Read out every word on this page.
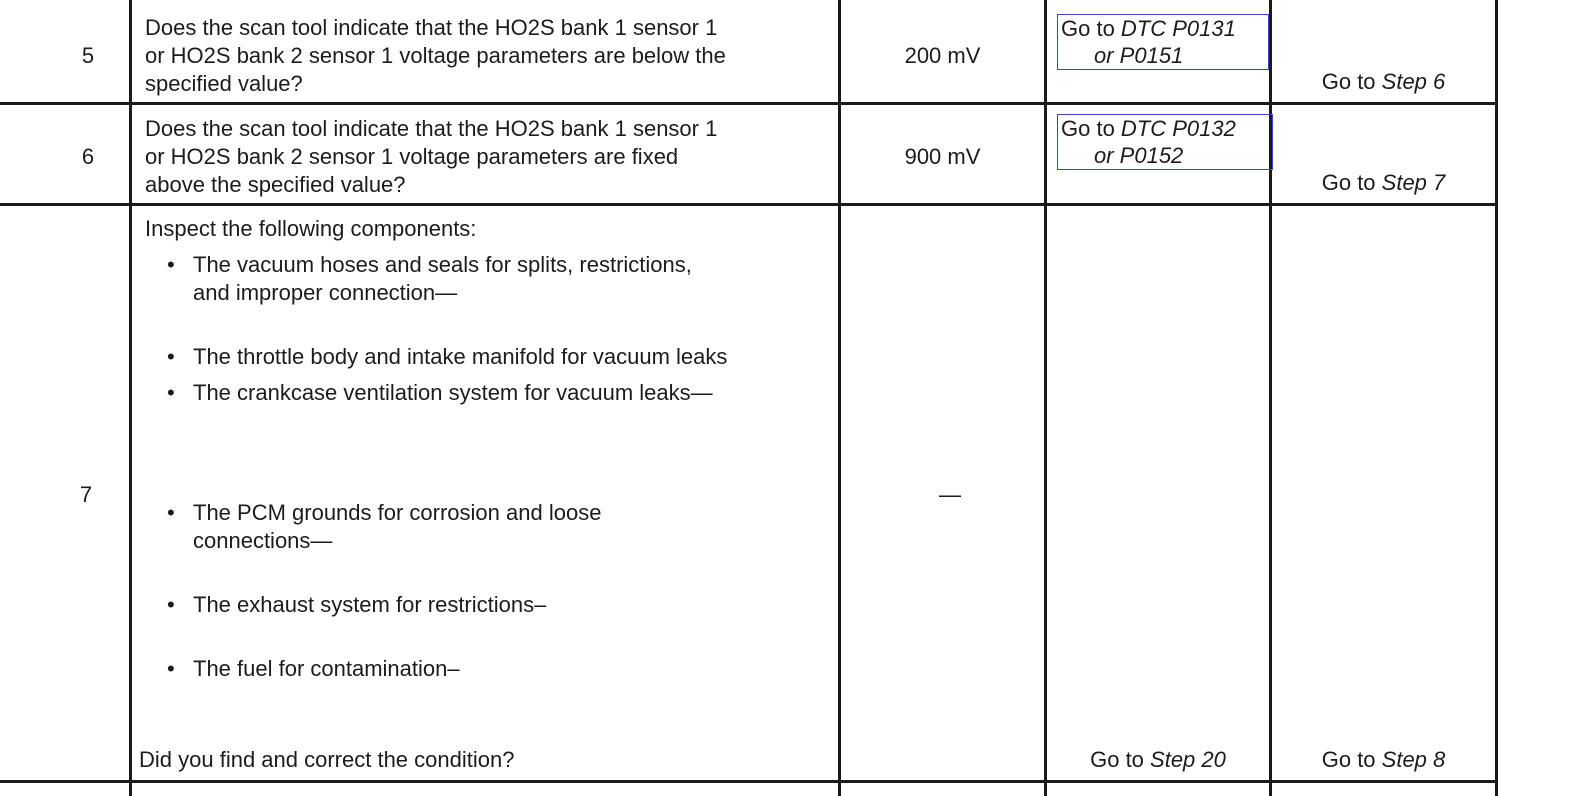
5
Does the scan tool indicate that the HO2S bank 1 sensor 1
or HO2S bank 2 sensor 1 voltage parameters are below the
specified value?
200 mV
Go to DTC P0131
or P0151
Go to Step 6
6
Does the scan tool indicate that the HO2S bank 1 sensor 1
or HO2S bank 2 sensor 1 voltage parameters are fixed
above the specified value?
900 mV
Go to DTC P0132
or P0152
Go to Step 7
7
Inspect the following components:
• The vacuum hoses and seals for splits, restrictions,
and improper connection—
• The throttle body and intake manifold for vacuum leaks
• The crankcase ventilation system for vacuum leaks—
• The PCM grounds for corrosion and loose
connections—
• The exhaust system for restrictions–
• The fuel for contamination–
Did you find and correct the condition?
—
Go to Step 20	Go to Step 8
